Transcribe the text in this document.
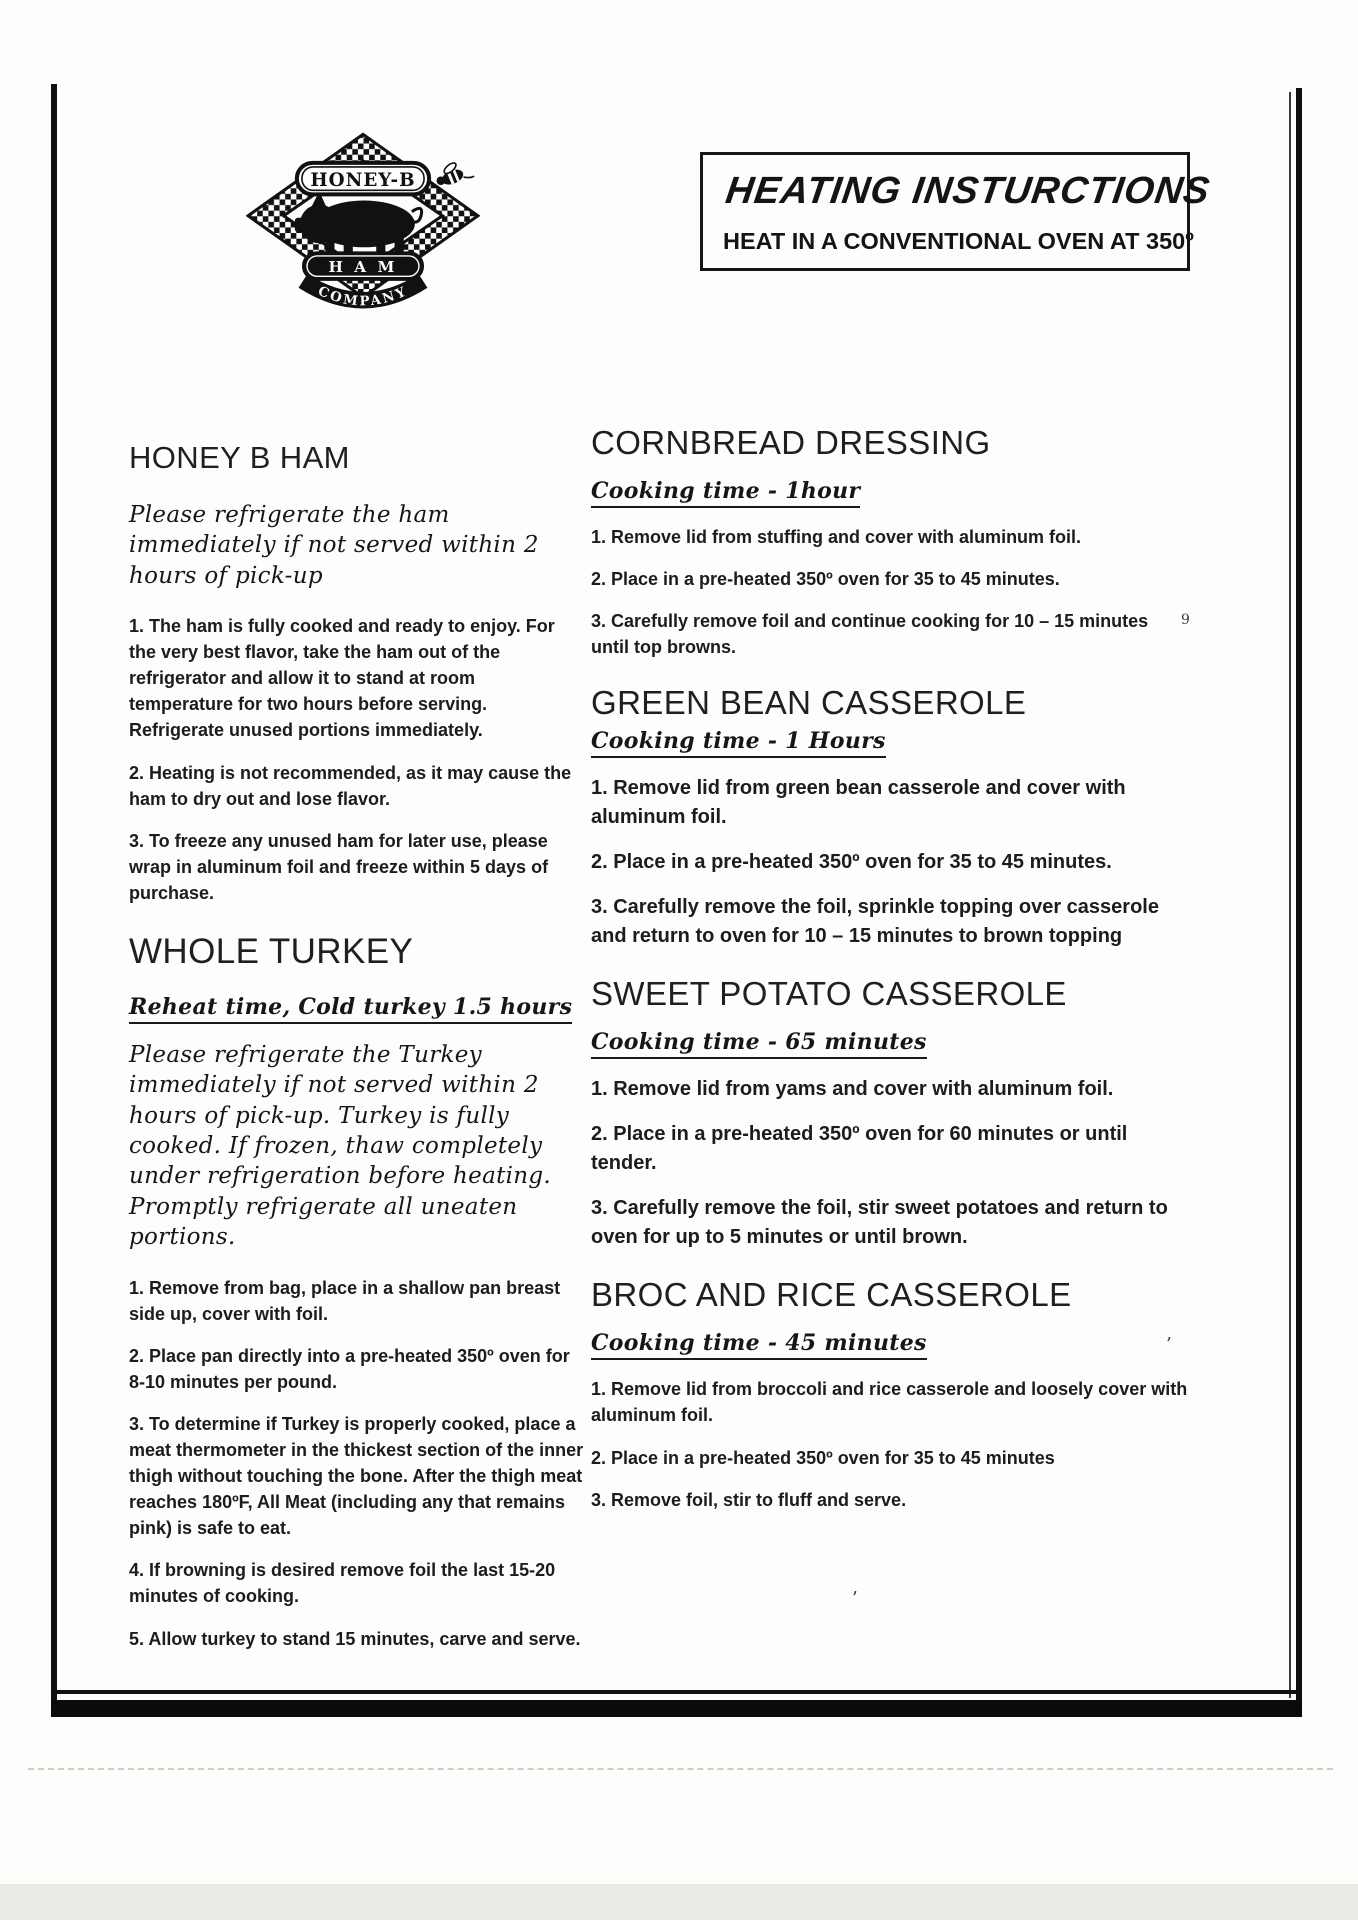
HONEY-B
H A M
COMPANY
HEATING INSTURCTIONS
HEAT IN A CONVENTIONAL OVEN AT 350º
HONEY B HAM

Please refrigerate the ham immediately if not served within 2 hours of pick-up

1. The ham is fully cooked and ready to enjoy. For the very best flavor, take the ham out of the refrigerator and allow it to stand at room temperature for two hours before serving. Refrigerate unused portions immediately.

2. Heating is not recommended, as it may cause the ham to dry out and lose flavor.

3. To freeze any unused ham for later use, please wrap in aluminum foil and freeze within 5 days of purchase.

WHOLE TURKEY

Reheat time, Cold turkey 1.5 hours

Please refrigerate the Turkey immediately if not served within 2 hours of pick-up. Turkey is fully cooked. If frozen, thaw completely under refrigeration before heating. Promptly refrigerate all uneaten portions.

1. Remove from bag, place in a shallow pan breast side up, cover with foil.

2. Place pan directly into a pre-heated 350º oven for 8-10 minutes per pound.

3. To determine if Turkey is properly cooked, place a meat thermometer in the thickest section of the inner thigh without touching the bone. After the thigh meat reaches 180ºF, All Meat (including any that remains pink) is safe to eat.

4. If browning is desired remove foil the last 15-20 minutes of cooking.

5. Allow turkey to stand 15 minutes, carve and serve.

CORNBREAD DRESSING

Cooking time - 1hour

1. Remove lid from stuffing and cover with aluminum foil.

2. Place in a pre-heated 350º oven for 35 to 45 minutes.

3. Carefully remove foil and continue cooking for 10 – 15 minutes until top browns.

GREEN BEAN CASSEROLE

Cooking time - 1 Hours

1. Remove lid from green bean casserole and cover with aluminum foil.

2. Place in a pre-heated 350º oven for 35 to 45 minutes.

3. Carefully remove the foil, sprinkle topping over casserole and return to oven for 10 – 15 minutes to brown topping

SWEET POTATO CASSEROLE

Cooking time - 65 minutes

1. Remove lid from yams and cover with aluminum foil.

2. Place in a pre-heated 350º oven for 60 minutes or until tender.

3. Carefully remove the foil, stir sweet potatoes and return to oven for up to 5 minutes or until brown.

BROC AND RICE CASSEROLE

Cooking time - 45 minutes

1. Remove lid from broccoli and rice casserole and loosely cover with aluminum foil.

2. Place in a pre-heated 350º oven for 35 to 45 minutes

3. Remove foil, stir to fluff and serve.

9
’
’
